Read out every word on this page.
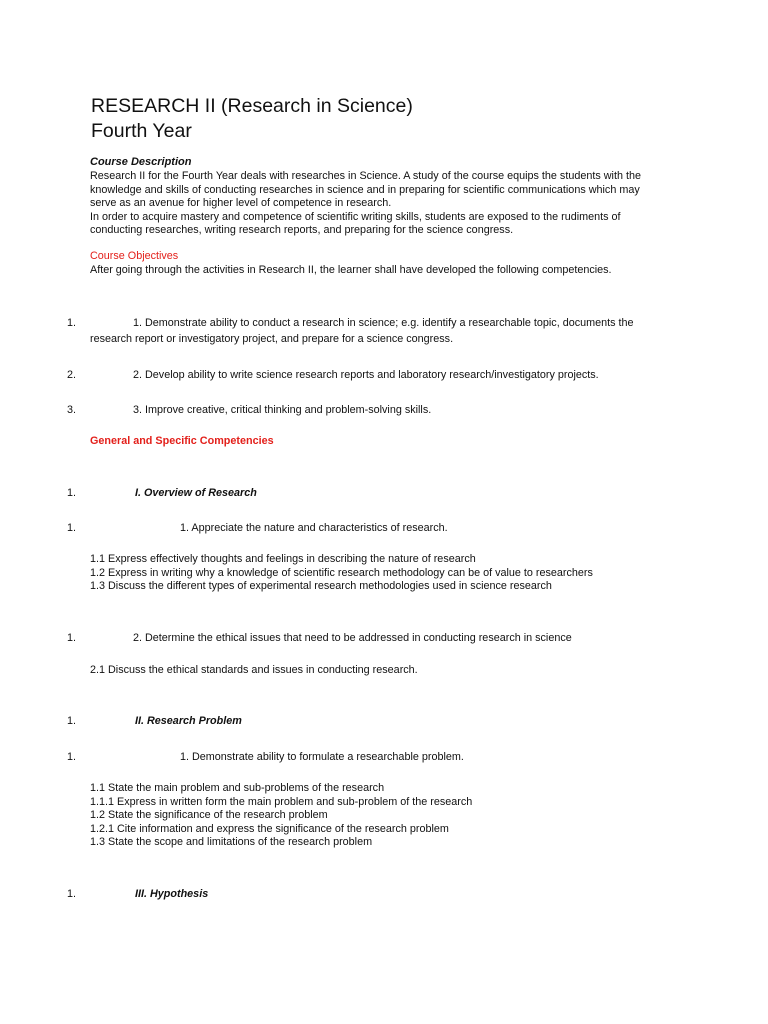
RESEARCH II (Research in Science)
Fourth Year
Course Description
Research II for the Fourth Year deals with researches in Science. A study of the course equips the students with the
knowledge and skills of conducting researches in science and in preparing for scientific communications which may
serve as an avenue for higher level of competence in research.
In order to acquire mastery and competence of scientific writing skills, students are exposed to the rudiments of
conducting researches, writing research reports, and preparing for the science congress.
Course Objectives
After going through the activities in Research II, the learner shall have developed the following competencies.
1.	1. Demonstrate ability to conduct a research in science; e.g. identify a researchable topic, documents the
research report or investigatory project, and prepare for a science congress.
2.	2. Develop ability to write science research reports and laboratory research/investigatory projects.
3.	3. Improve creative, critical thinking and problem-solving skills.
General and Specific Competencies
1.	I. Overview of Research
1.	1. Appreciate the nature and characteristics of research.
1.1 Express effectively thoughts and feelings in describing the nature of research
1.2 Express in writing why a knowledge of scientific research methodology can be of value to researchers
1.3 Discuss the different types of experimental research methodologies used in science research
1.	2. Determine the ethical issues that need to be addressed in conducting research in science
2.1 Discuss the ethical standards and issues in conducting research.
1.	II. Research Problem
1.	1. Demonstrate ability to formulate a researchable problem.
1.1 State the main problem and sub-problems of the research
1.1.1 Express in written form the main problem and sub-problem of the research
1.2 State the significance of the research problem
1.2.1 Cite information and express the significance of the research problem
1.3 State the scope and limitations of the research problem
1.	III. Hypothesis
